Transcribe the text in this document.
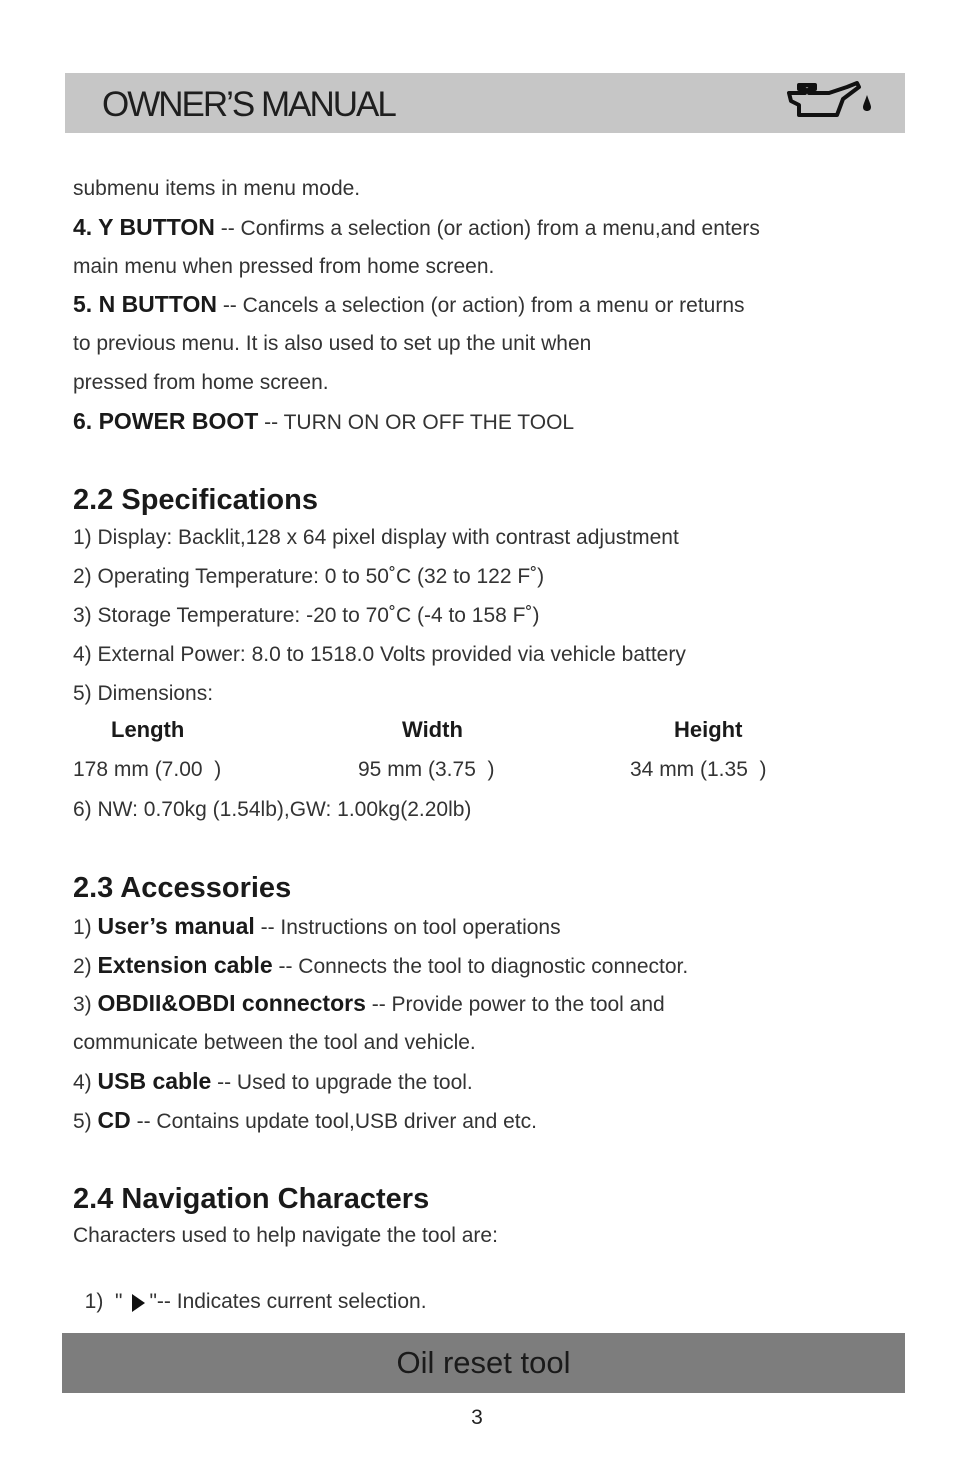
OWNER’S MANUAL
submenu items in menu mode.
4. Y BUTTON -- Confirms a selection (or action) from a menu,and enters
main menu when pressed from home screen.
5. N BUTTON -- Cancels a selection (or action) from a menu or returns
to previous menu. It is also used to set up the unit when
pressed from home screen.
6. POWER BOOT -- TURN ON OR OFF THE TOOL
2.2 Specifications
1) Display: Backlit,128 x 64 pixel display with contrast adjustment
2) Operating Temperature: 0 to 50˚C (32 to 122 F˚)
3) Storage Temperature: -20 to 70˚C (-4 to 158 F˚)
4) External Power: 8.0 to 1518.0 Volts provided via vehicle battery
5) Dimensions:
Length	Width	Height
178 mm (7.00  )	95 mm (3.75  )	34 mm (1.35  )
6) NW: 0.70kg (1.54lb),GW: 1.00kg(2.20lb)
2.3 Accessories
1) User’s manual -- Instructions on tool operations
2) Extension cable -- Connects the tool to diagnostic connector.
3) OBDII&OBDI connectors -- Provide power to the tool and
communicate between the tool and vehicle.
4) USB cable -- Used to upgrade the tool.
5) CD -- Contains update tool,USB driver and etc.
2.4 Navigation Characters
Characters used to help navigate the tool are:

1)  " "-- Indicates current selection.

Oil reset tool
3
